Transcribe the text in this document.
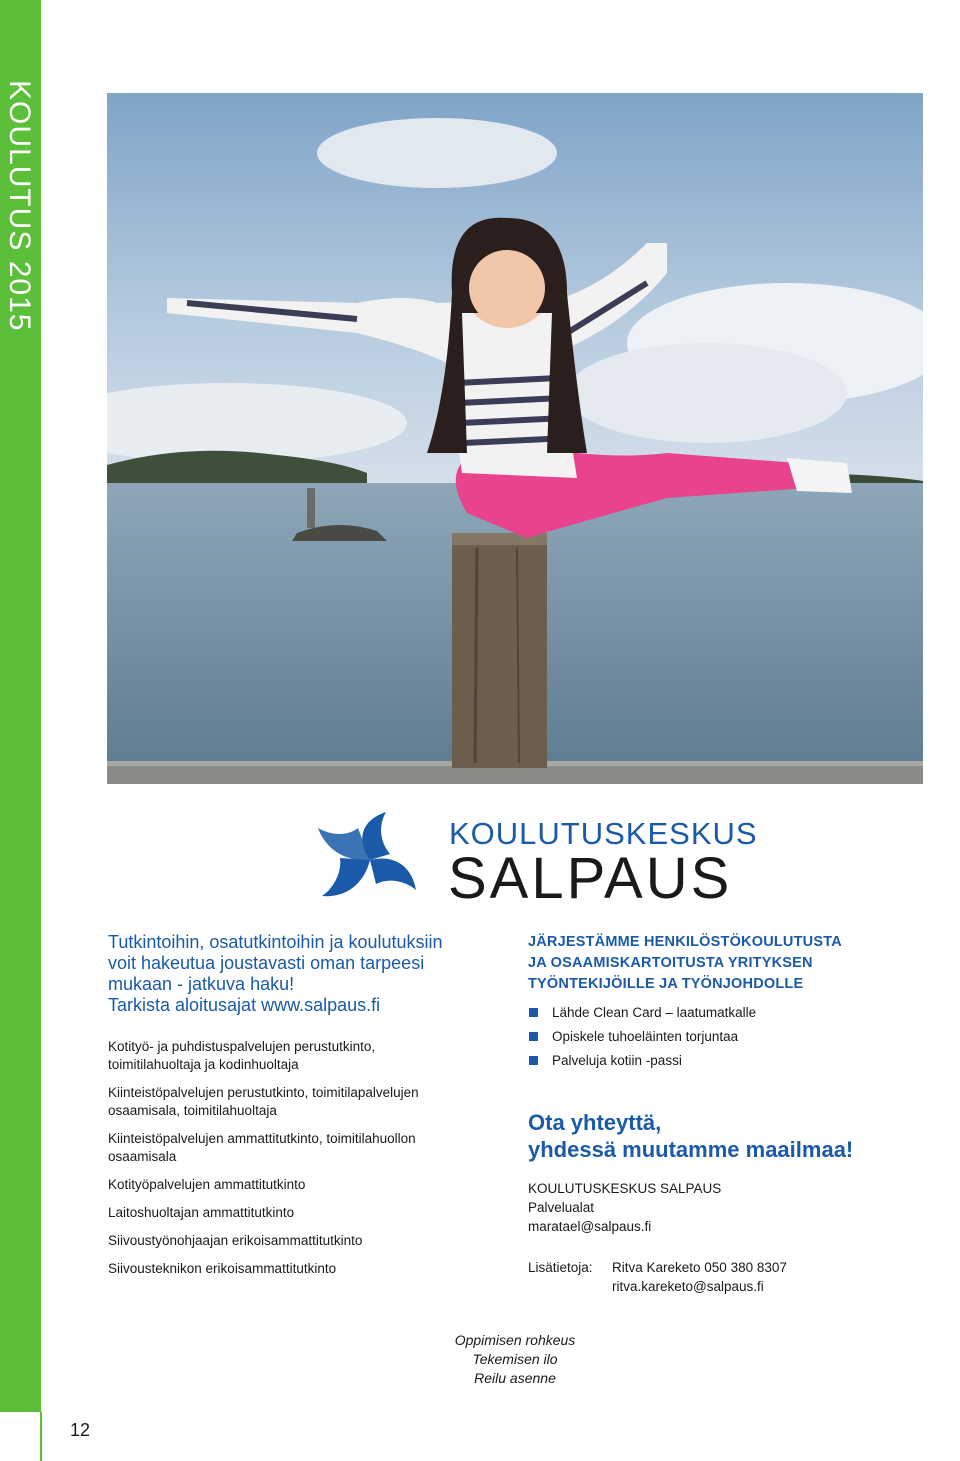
KOULUTUS 2015
12
KOULUTUSKESKUS
SALPAUS
Tutkintoihin, osatutkintoihin ja koulutuksiin
voit hakeutua joustavasti oman tarpeesi
mukaan - jatkuva haku!
Tarkista aloitusajat www.salpaus.fi
Kotityö- ja puhdistuspalvelujen perustutkinto,
toimitilahuoltaja ja kodinhuoltaja
Kiinteistöpalvelujen perustutkinto, toimitilapalvelujen
osaamisala, toimitilahuoltaja
Kiinteistöpalvelujen ammattitutkinto, toimitilahuollon
osaamisala
Kotityöpalvelujen ammattitutkinto
Laitoshuoltajan ammattitutkinto
Siivoustyönohjaajan erikoisammattitutkinto
Siivousteknikon erikoisammattitutkinto
JÄRJESTÄMME HENKILÖSTÖKOULUTUSTA
JA OSAAMISKARTOITUSTA YRITYKSEN
TYÖNTEKIJÖILLE JA TYÖNJOHDOLLE
Lähde Clean Card – laatumatkalle
Opiskele tuhoeläinten torjuntaa
Palveluja kotiin -passi
Ota yhteyttä,
yhdessä muutamme maailmaa!
KOULUTUSKESKUS SALPAUS
Palvelualat
maratael@salpaus.fi
Lisätietoja: Ritva Kareketo 050 380 8307
ritva.kareketo@salpaus.fi
Oppimisen rohkeus
Tekemisen ilo
Reilu asenne
